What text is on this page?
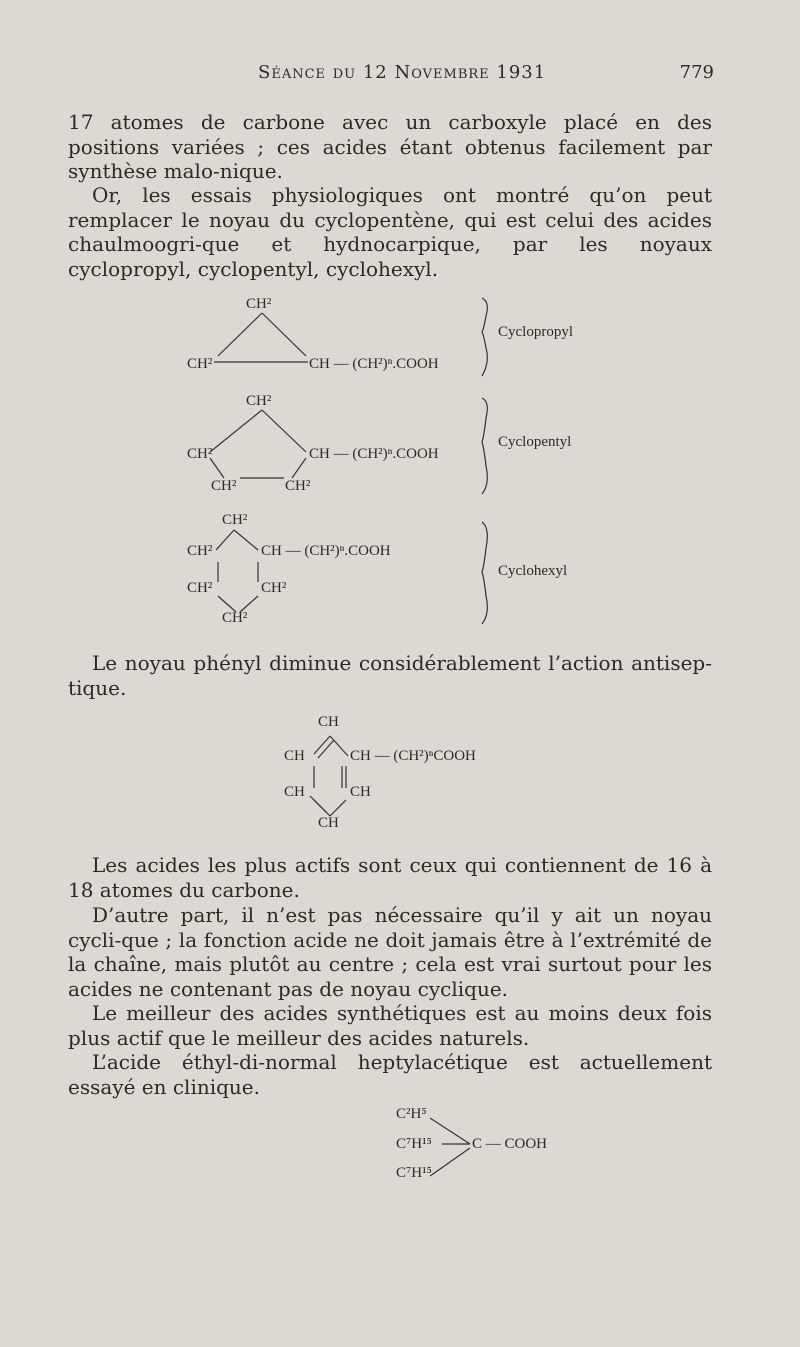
Séance du 12 Novembre 1931	779

17 atomes de carbone avec un carboxyle placé en des positions variées ; ces acides étant obtenus facilement par synthèse malo-nique.

Or, les essais physiologiques ont montré qu’on peut remplacer le noyau du cyclopentène, qui est celui des acides chaulmoogri-que et hydnocarpique, par les noyaux cyclopropyl, cyclopentyl, cyclohexyl.

CH²
CH²	CH — (CH²)ⁿ.COOH
Cyclopropyl
CH²
CH²	CH — (CH²)ⁿ.COOH
CH²	CH²
Cyclopentyl
CH²
CH²	CH — (CH²)ⁿ.COOH
CH²	CH²
CH²
Cyclohexyl

Le noyau phényl diminue considérablement l’action antisep-tique.

CH
CH	CH — (CH²)ⁿCOOH
CH	CH
CH

Les acides les plus actifs sont ceux qui contiennent de 16 à 18 atomes du carbone.

D’autre part, il n’est pas nécessaire qu’il y ait un noyau cycli-que ; la fonction acide ne doit jamais être à l’extrémité de la chaîne, mais plutôt au centre ; cela est vrai surtout pour les acides ne contenant pas de noyau cyclique.

Le meilleur des acides synthétiques est au moins deux fois plus actif que le meilleur des acides naturels.

L’acide éthyl-di-normal heptylacétique est actuellement essayé en clinique.

C²H⁵
C⁷H¹⁵
C⁷H¹⁵
C — COOH
